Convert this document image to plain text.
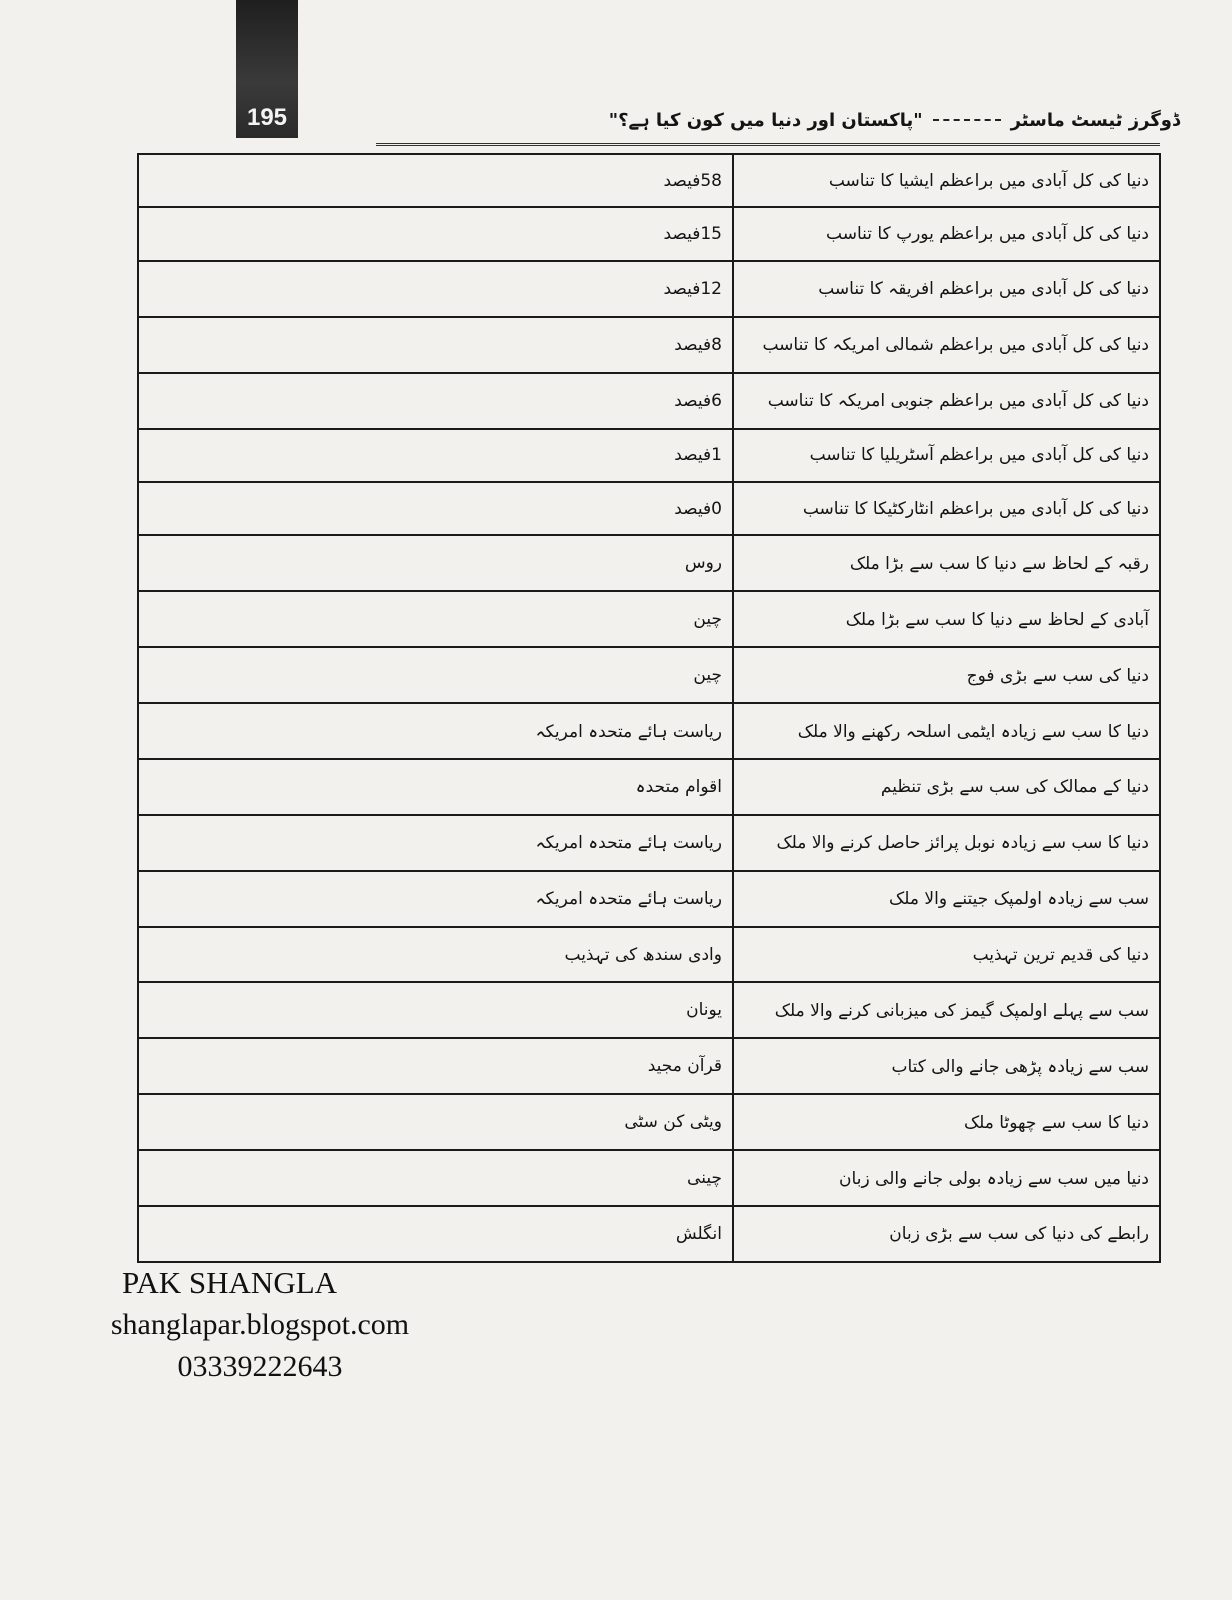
195	ڈوگرز ٹیسٹ ماسٹر
"پاکستان اور دنیا میں کون کیا ہے؟"
دنیا کی کل آبادی میں براعظم ایشیا کا تناسب	58فیصد
دنیا کی کل آبادی میں براعظم یورپ کا تناسب	15فیصد
دنیا کی کل آبادی میں براعظم افریقہ کا تناسب	12فیصد
دنیا کی کل آبادی میں براعظم شمالی امریکہ کا تناسب	8فیصد
دنیا کی کل آبادی میں براعظم جنوبی امریکہ کا تناسب	6فیصد
دنیا کی کل آبادی میں براعظم آسٹریلیا کا تناسب	1فیصد
دنیا کی کل آبادی میں براعظم انٹارکٹیکا کا تناسب	0فیصد
رقبہ کے لحاظ سے دنیا کا سب سے بڑا ملک	روس
آبادی کے لحاظ سے دنیا کا سب سے بڑا ملک	چین
دنیا کی سب سے بڑی فوج	چین
دنیا کا سب سے زیادہ ایٹمی اسلحہ رکھنے والا ملک	ریاست ہائے متحدہ امریکہ
دنیا کے ممالک کی سب سے بڑی تنظیم	اقوام متحدہ
دنیا کا سب سے زیادہ نوبل پرائز حاصل کرنے والا ملک	ریاست ہائے متحدہ امریکہ
سب سے زیادہ اولمپک جیتنے والا ملک	ریاست ہائے متحدہ امریکہ
دنیا کی قدیم ترین تہذیب	وادی سندھ کی تہذیب
سب سے پہلے اولمپک گیمز کی میزبانی کرنے والا ملک	یونان
سب سے زیادہ پڑھی جانے والی کتاب	قرآن مجید
دنیا کا سب سے چھوٹا ملک	ویٹی کن سٹی
دنیا میں سب سے زیادہ بولی جانے والی زبان	چینی
رابطے کی دنیا کی سب سے بڑی زبان	انگلش
PAK SHANGLA
shanglapar.blogspot.com
03339222643
